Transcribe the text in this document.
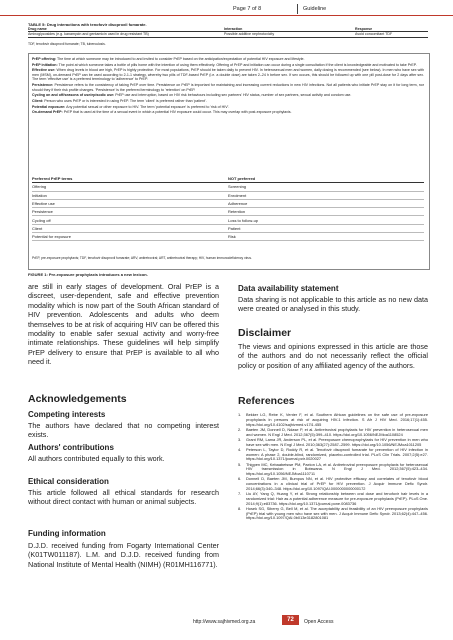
Page 7 of 8	Guideline
TABLE 5: Drug interactions with tenofovir disoproxil fumarate.
Drug name	Interaction	Response
Aminoglycosides (e.g. kanamycin and gentamicin used in drug resistant TB)	Possible additive nephrotoxicity	Avoid concomitant TDF
TDF, tenofovir disoproxil fumarate; TB, tuberculosis.

PrEP offering: The time at which someone may be introduced to and invited to consider PrEP based on the anticipation/expectation of potential HIV exposure and lifestyle.

PrEP initiation: The point at which someone takes a bottle of pills home with the intention of using them effectively. Offering of PrEP and initiation can occur during a single consultation if the client is knowledgeable and motivated to take PrEP.

Effective use: When drug levels in blood are high, PrEP is highly protective. For most populations, PrEP should be taken daily to prevent HIV. In heterosexual men and women, daily dosing is recommended (see below). In men who have sex with men (MSM), on-demand PrEP can be used according to 2-1-1 strategy, whereby two pills of TDF-based PrEP (i.e. a double dose) are taken 2–24 h before sex. If sex occurs, this should be followed up with one pill post-dose for 2 days after sex. The term 'effective use' is a preferred terminology to 'adherence' to PrEP.

Persistence: Persistence refers to the consistency of taking PrEP over time. Persistence on PrEP is important for maintaining and increasing current reductions in new HIV infections. Not all patients who initiate PrEP stay on it for long term, nor should they if their risk profile changes. 'Persistence' is the preferred terminology to 'retention' on PrEP.

Cycling on and off/seasons of use/episodic use: PrEP use and interruption, based on HIV risk behaviours including sex partners' HIV status, number of sex partners, sexual activity and condom use.

Client: Person who uses PrEP or is interested in using PrEP. The term 'client' is preferred rather than 'patient'.

Potential exposure: Any potential sexual or other exposure to HIV. The term 'potential exposure' is preferred to 'risk of HIV'.

On-demand PrEP: PrEP that is used at the time of a sexual event in which a potential HIV exposure could occur. This may overlap with post-exposure prophylaxis.

Preferred PrEP terms	NOT preferred
Offering	Screening
Initiation	Enrolment
Effective use	Adherence
Persistence	Retention
Cycling off	Loss to follow-up
Client	Patient
Potential for exposure	Risk
PrEP, pre-exposure prophylaxis; TDF, tenofovir disoproxil fumarate; ARV, antiretroviral; ART, antiretroviral therapy; HIV, human immunodeficiency virus.
FIGURE 1: Pre-exposure prophylaxis introduces a new lexicon.
are still in early stages of development. Oral PrEP is a discreet, user-dependent, safe and effective prevention modality which is now part of the South African standard of HIV prevention. Adolescents and adults who deem themselves to be at risk of acquiring HIV can be offered this modality to enable safer sexual activity and worry-free intimate relationships. These guidelines will help simplify PrEP delivery to ensure that PrEP is available to all who need it.
Acknowledgements
Competing interests
The authors have declared that no competing interest exists.
Authors' contributions
All authors contributed equally to this work.
Ethical consideration
This article followed all ethical standards for research without direct contact with human or animal subjects.
Funding information
D.J.D. received funding from Fogarty International Center (K01TW011187). L.M. and D.J.D. received funding from National Institute of Mental Health (NIMH) (R01MH116771).
Data availability statement
Data sharing is not applicable to this article as no new data were created or analysed in this study.
Disclaimer
The views and opinions expressed in this article are those of the authors and do not necessarily reflect the official policy or position of any affiliated agency of the authors.
References
1.	Bekker LG, Rebe K, Venter F, et al. Southern African guidelines on the safe use of pre-exposure prophylaxis in persons at risk of acquiring HIV-1 infection. S Afr J HIV Med. 2016;17(1):455. https://doi.org/10.4102/sajhivmed.v17i1.455
2.	Baeten JM, Donnell D, Ndase P, et al. Antiretroviral prophylaxis for HIV prevention in heterosexual men and women. N Engl J Med. 2012;367(5):399–410. https://doi.org/10.1056/NEJMoa1108524
3.	Grant RM, Lama JR, Anderson PL, et al. Preexposure chemoprophylaxis for HIV prevention in men who have sex with men. N Engl J Med. 2010;363(27):2587–2599. https://doi.org/10.1056/NEJMoa1011205
4.	Peterson L, Taylor D, Roddy R, et al. Tenofovir disoproxil fumarate for prevention of HIV infection in women: A phase 2, double-blind, randomized, placebo-controlled trial. PLoS Clin Trials. 2007;2(5):e27. https://doi.org/10.1371/journal.pctr.0020027
5.	Thigpen MC, Kebaabetswe PM, Paxton LA, et al. Antiretroviral preexposure prophylaxis for heterosexual HIV transmission in Botswana. N Engl J Med. 2012;367(5):423–434. https://doi.org/10.1056/NEJMoa1110711
6.	Donnell D, Baeten JM, Bumpus NN, et al. HIV protective efficacy and correlates of tenofovir blood concentrations in a clinical trial of PrEP for HIV prevention. J Acquir Immune Defic Syndr. 2014;66(3):340–348. https://doi.org/10.1097/QAI.0000000000000172
7.	Liu AY, Yang Q, Huang Y, et al. Strong relationship between oral dose and tenofovir hair levels in a randomized trial: Hair as a potential adherence measure for pre-exposure prophylaxis (PrEP). PLoS One. 2014;9(1):e83736. https://doi.org/10.1371/journal.pone.0083736
8.	Hosek SG, Siberry G, Bell M, et al. The acceptability and feasibility of an HIV preexposure prophylaxis (PrEP) trial with young men who have sex with men. J Acquir Immune Defic Syndr. 2013;62(4):447–456. https://doi.org/10.1097/QAI.0b013e3182801081
http://www.sajhivmed.org.za	72	Open Access
